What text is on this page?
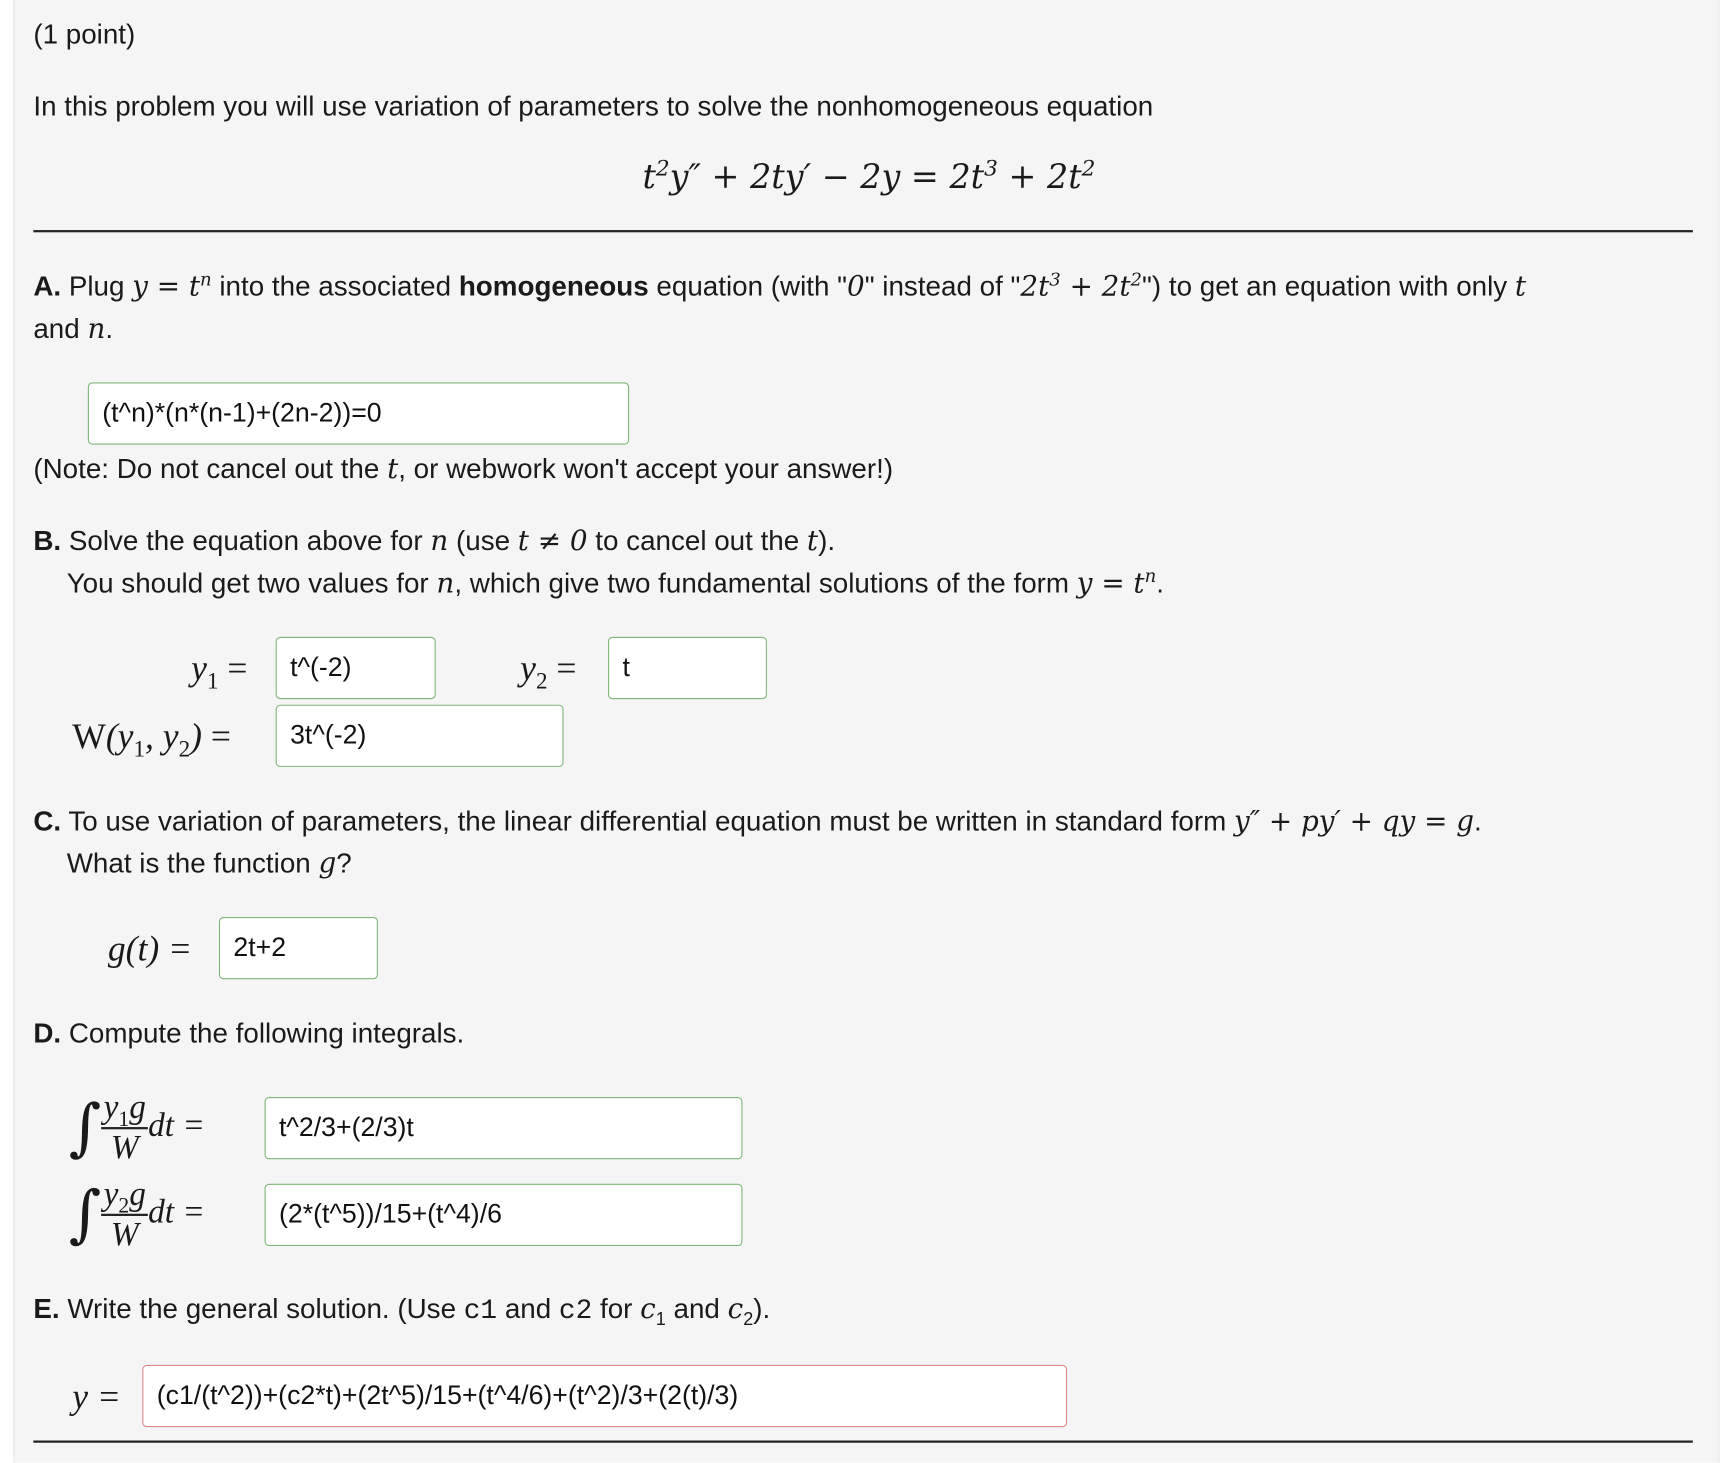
(1 point)
In this problem you will use variation of parameters to solve the nonhomogeneous equation
$t^2y'' + 2ty' - 2y = 2t^3 + 2t^2$
A. Plug $y = t^n$ into the associated homogeneous equation (with "0" instead of "$2t^3$ + $2t^2$") to get an equation with only t
and n.
(t^n)*(n*(n-1)+(2n-2))=0
(Note: Do not cancel out the t, or webwork won't accept your answer!)
B. Solve the equation above for n (use t ≠ 0 to cancel out the t).
You should get two values for n, which give two fundamental solutions of the form $y = t^n$.
$y_1$ =	t^(-2)	$y_2$ =	t
$W(y_1$, $y_2$) =	3t^(-2)
C. To use variation of parameters, the linear differential equation must be written in standard form y″ + py′ + qy = g.
What is the function g?
g(t) =	2t+2
D. Compute the following integrals.
∫ $\frac{y_1g}{W}$ dt =	t^2/3+(2/3)t
∫ $\frac{y_2g}{W}$ dt =	(2*(t^5))/15+(t^4)/6
E. Write the general solution. (Use c1 and c2 for $c_1$ and $c_2$).
y =	(c1/(t^2))+(c2*t)+(2t^5)/15+(t^4/6)+(t^2)/3+(2(t)/3)
